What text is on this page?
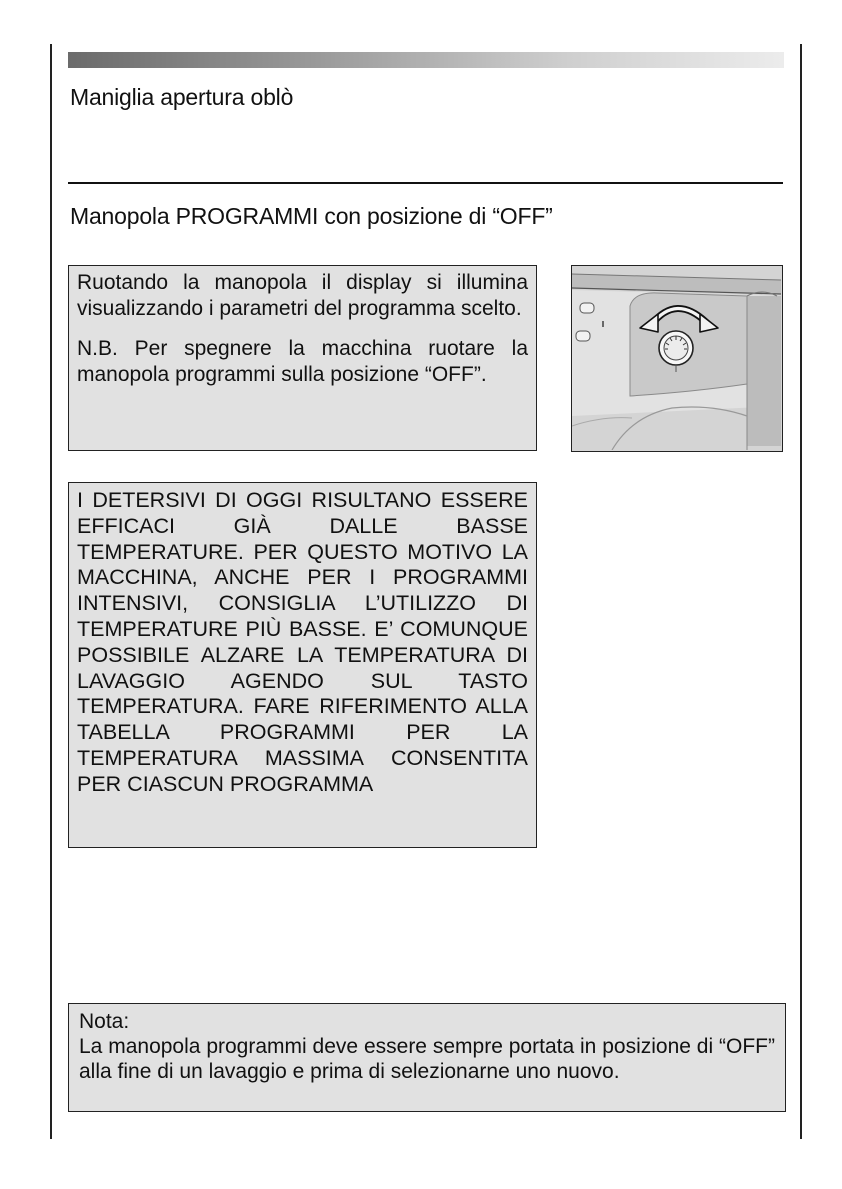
Maniglia apertura oblò
Manopola PROGRAMMI con posizione di “OFF”

Ruotando la manopola il display si illumina visualizzando i parametri del programma scelto.

N.B. Per spegnere la macchina ruotare la manopola programmi sulla posizione “OFF”.

I DETERSIVI DI OGGI RISULTANO ESSERE EFFICACI GIÀ DALLE BASSE TEMPERATURE. PER QUESTO MOTIVO LA MACCHINA, ANCHE PER I PROGRAMMI INTENSIVI, CONSIGLIA L’UTILIZZO DI TEMPERATURE PIÙ BASSE. E’ COMUNQUE POSSIBILE ALZARE LA TEMPERATURA DI LAVAGGIO AGENDO SUL TASTO TEMPERATURA. FARE RIFERIMENTO ALLA TABELLA PROGRAMMI PER LA TEMPERATURA MASSIMA CONSENTITA PER CIASCUN PROGRAMMA

Nota:

La manopola programmi deve essere sempre portata in posizione di “OFF” alla fine di un lavaggio e prima di selezionarne uno nuovo.
